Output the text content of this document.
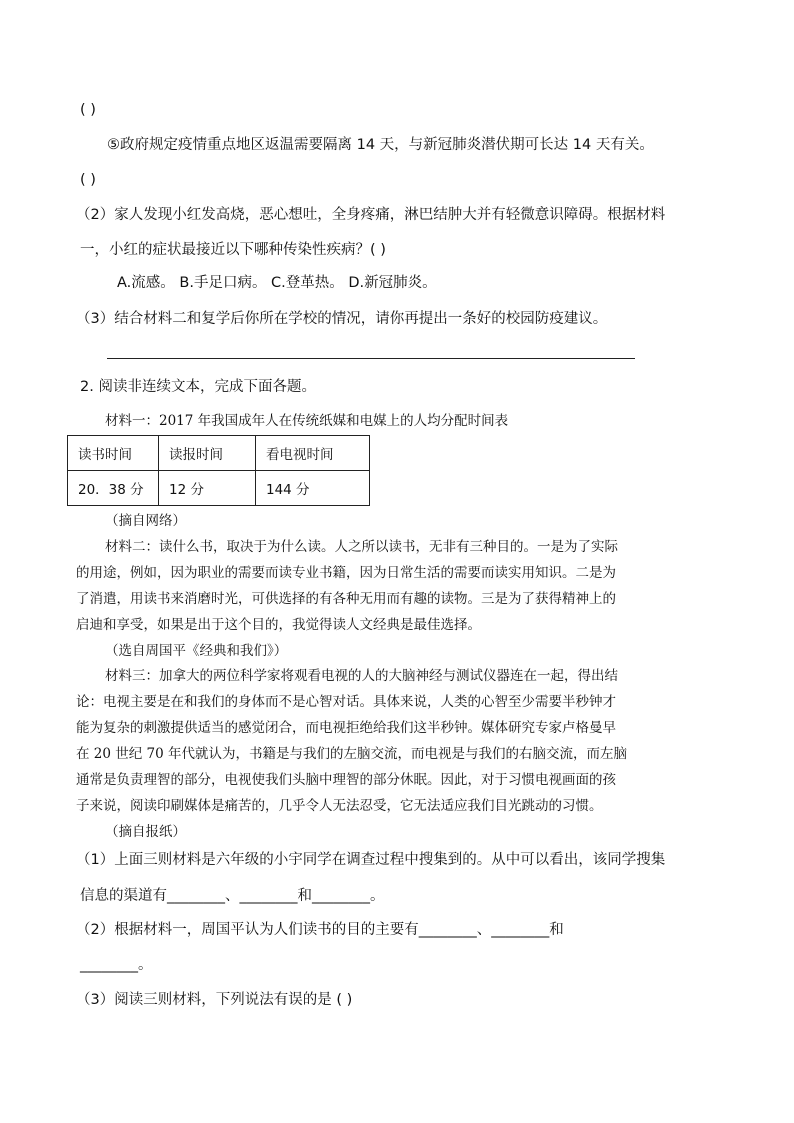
( )
⑤政府规定疫情重点地区返温需要隔离 14 天，与新冠肺炎潜伏期可长达 14 天有关。
( )
（2）家人发现小红发高烧，恶心想吐，全身疼痛，淋巴结肿大并有轻微意识障碍。根据材料
一，小红的症状最接近以下哪种传染性疾病？( )
A.流感。 B.手足口病。 C.登革热。 D.新冠肺炎。
（3）结合材料二和复学后你所在学校的情况，请你再提出一条好的校园防疫建议。
2. 阅读非连续文本，完成下面各题。
材料一：2017 年我国成年人在传统纸媒和电媒上的人均分配时间表
读书时间	读报时间	看电视时间
20．38 分	12 分	144 分
（摘自网络）
材料二：读什么书，取决于为什么读。人之所以读书，无非有三种目的。一是为了实际
的用途，例如，因为职业的需要而读专业书籍，因为日常生活的需要而读实用知识。二是为
了消遣，用读书来消磨时光，可供选择的有各种无用而有趣的读物。三是为了获得精神上的
启迪和享受，如果是出于这个目的，我觉得读人文经典是最佳选择。
（选自周国平《经典和我们》）
材料三：加拿大的两位科学家将观看电视的人的大脑神经与测试仪器连在一起，得出结
论：电视主要是在和我们的身体而不是心智对话。具体来说，人类的心智至少需要半秒钟才
能为复杂的刺激提供适当的感觉闭合，而电视拒绝给我们这半秒钟。媒体研究专家卢格曼早
在 20 世纪 70 年代就认为，书籍是与我们的左脑交流，而电视是与我们的右脑交流，而左脑
通常是负责理智的部分，电视使我们头脑中理智的部分休眠。因此，对于习惯电视画面的孩
子来说，阅读印刷媒体是痛苦的，几乎令人无法忍受，它无法适应我们目光跳动的习惯。
（摘自报纸）
（1）上面三则材料是六年级的小宇同学在调查过程中搜集到的。从中可以看出，该同学搜集
信息的渠道有________、________和________。
（2）根据材料一，周国平认为人们读书的目的主要有________、________和
________。
（3）阅读三则材料，下列说法有误的是 ( )
